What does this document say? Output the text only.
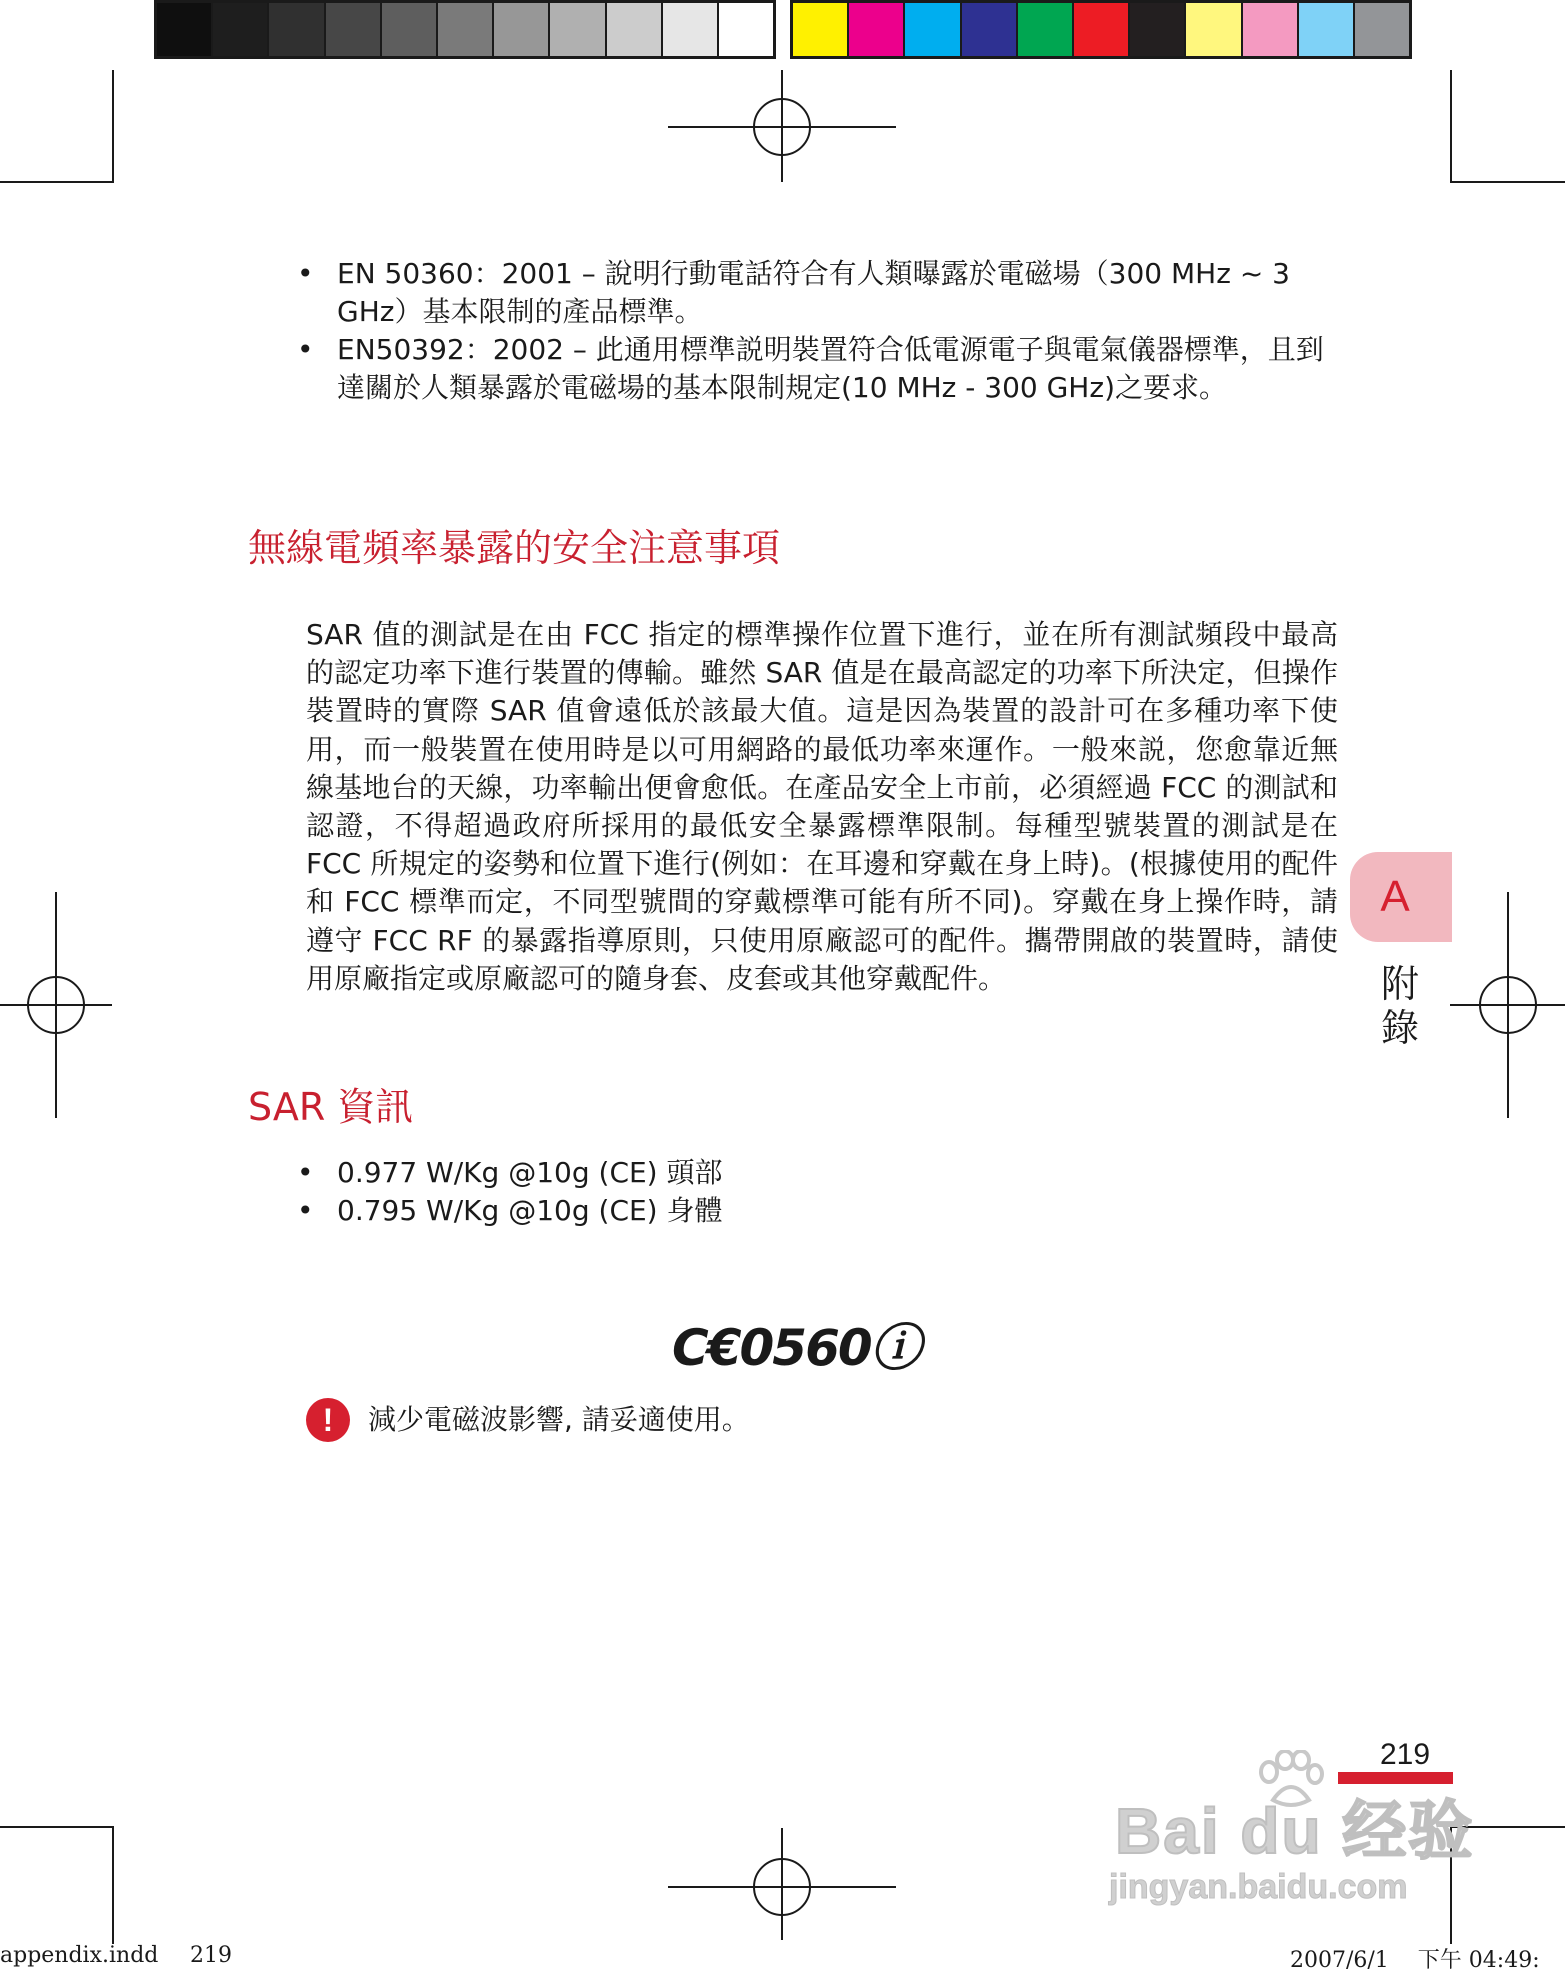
• EN 50360：2001 – 說明行動電話符合有人類曝露於電磁場（300 MHz ~ 3 GHz）基本限制的產品標準。
• EN50392：2002 – 此通用標準説明裝置符合低電源電子與電氣儀器標準，且到達關於人類暴露於電磁場的基本限制規定(10 MHz - 300 GHz)之要求。
無線電頻率暴露的安全注意事項

SAR 值的測試是在由 FCC 指定的標準操作位置下進行，並在所有測試頻段中最高的認定功率下進行裝置的傳輸。雖然 SAR 值是在最高認定的功率下所決定，但操作裝置時的實際 SAR 值會遠低於該最大值。這是因為裝置的設計可在多種功率下使用，而一般裝置在使用時是以可用網路的最低功率來運作。一般來説，您愈靠近無線基地台的天線，功率輸出便會愈低。在產品安全上市前，必須經過 FCC 的測試和認證，不得超過政府所採用的最低安全暴露標準限制。每種型號裝置的測試是在 FCC 所規定的姿勢和位置下進行(例如：在耳邊和穿戴在身上時)。(根據使用的配件和 FCC 標準而定，不同型號間的穿戴標準可能有所不同)。穿戴在身上操作時，請遵守 FCC RF 的暴露指導原則，只使用原廠認可的配件。攜帶開啟的裝置時，請使用原廠指定或原廠認可的隨身套、皮套或其他穿戴配件。

SAR 資訊
• 0.977 W/Kg @10g (CE) 頭部
• 0.795 W/Kg @10g (CE) 身體
C€0560ⓘ
!	減少電磁波影響, 請妥適使用。
A
附錄
219
Bai du 经验
jingyan.baidu.com
appendix.indd 219	2007/6/1　 下午 04:49:
